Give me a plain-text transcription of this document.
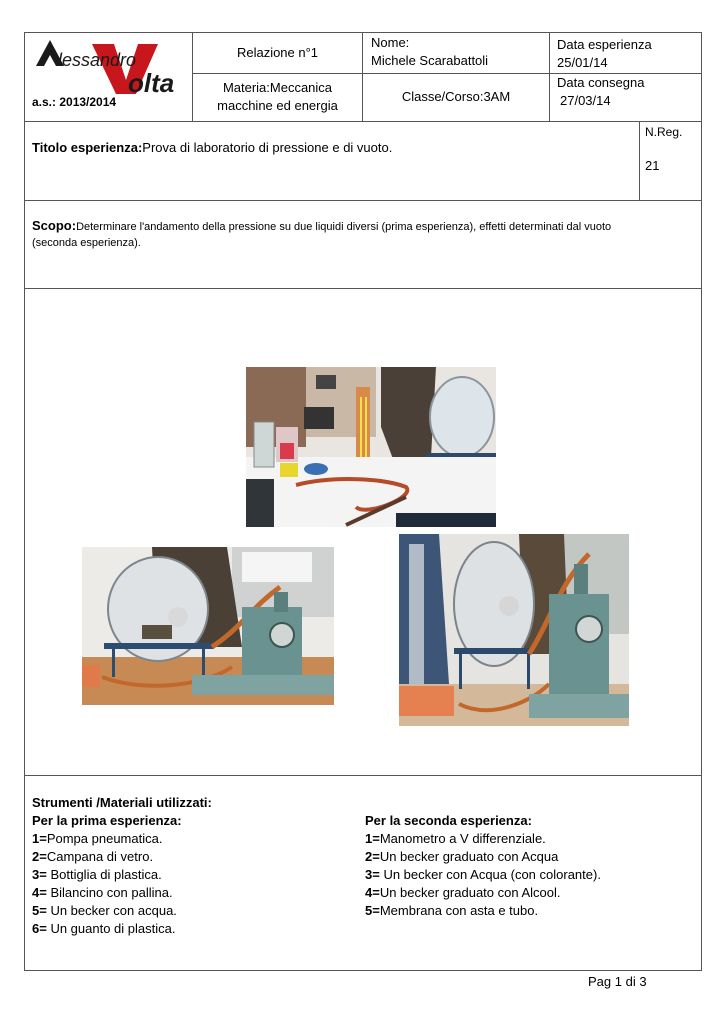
lessandro
olta
a.s.: 2013/2014
Relazione n°1
Materia:Meccanica
macchine ed energia
Nome:
Michele Scarabattoli
Classe/Corso:3AM
Data esperienza
25/01/14
Data consegna
27/03/14
Titolo esperienza:Prova di laboratorio di pressione e di vuoto.
N.Reg.
21
Scopo:Determinare l'andamento della pressione su due liquidi diversi (prima esperienza), effetti determinati dal vuoto
(seconda esperienza).
Strumenti /Materiali utilizzati:
Per la prima esperienza:
1=Pompa pneumatica.
2=Campana di vetro.
3= Bottiglia di plastica.
4= Bilancino con pallina.
5= Un becker con acqua.
6= Un guanto di plastica.
Per la seconda esperienza:
1=Manometro a V differenziale.
2=Un becker graduato con Acqua
3= Un becker con Acqua (con colorante).
4=Un becker graduato con Alcool.
5=Membrana con asta e tubo.
Pag 1 di 3
